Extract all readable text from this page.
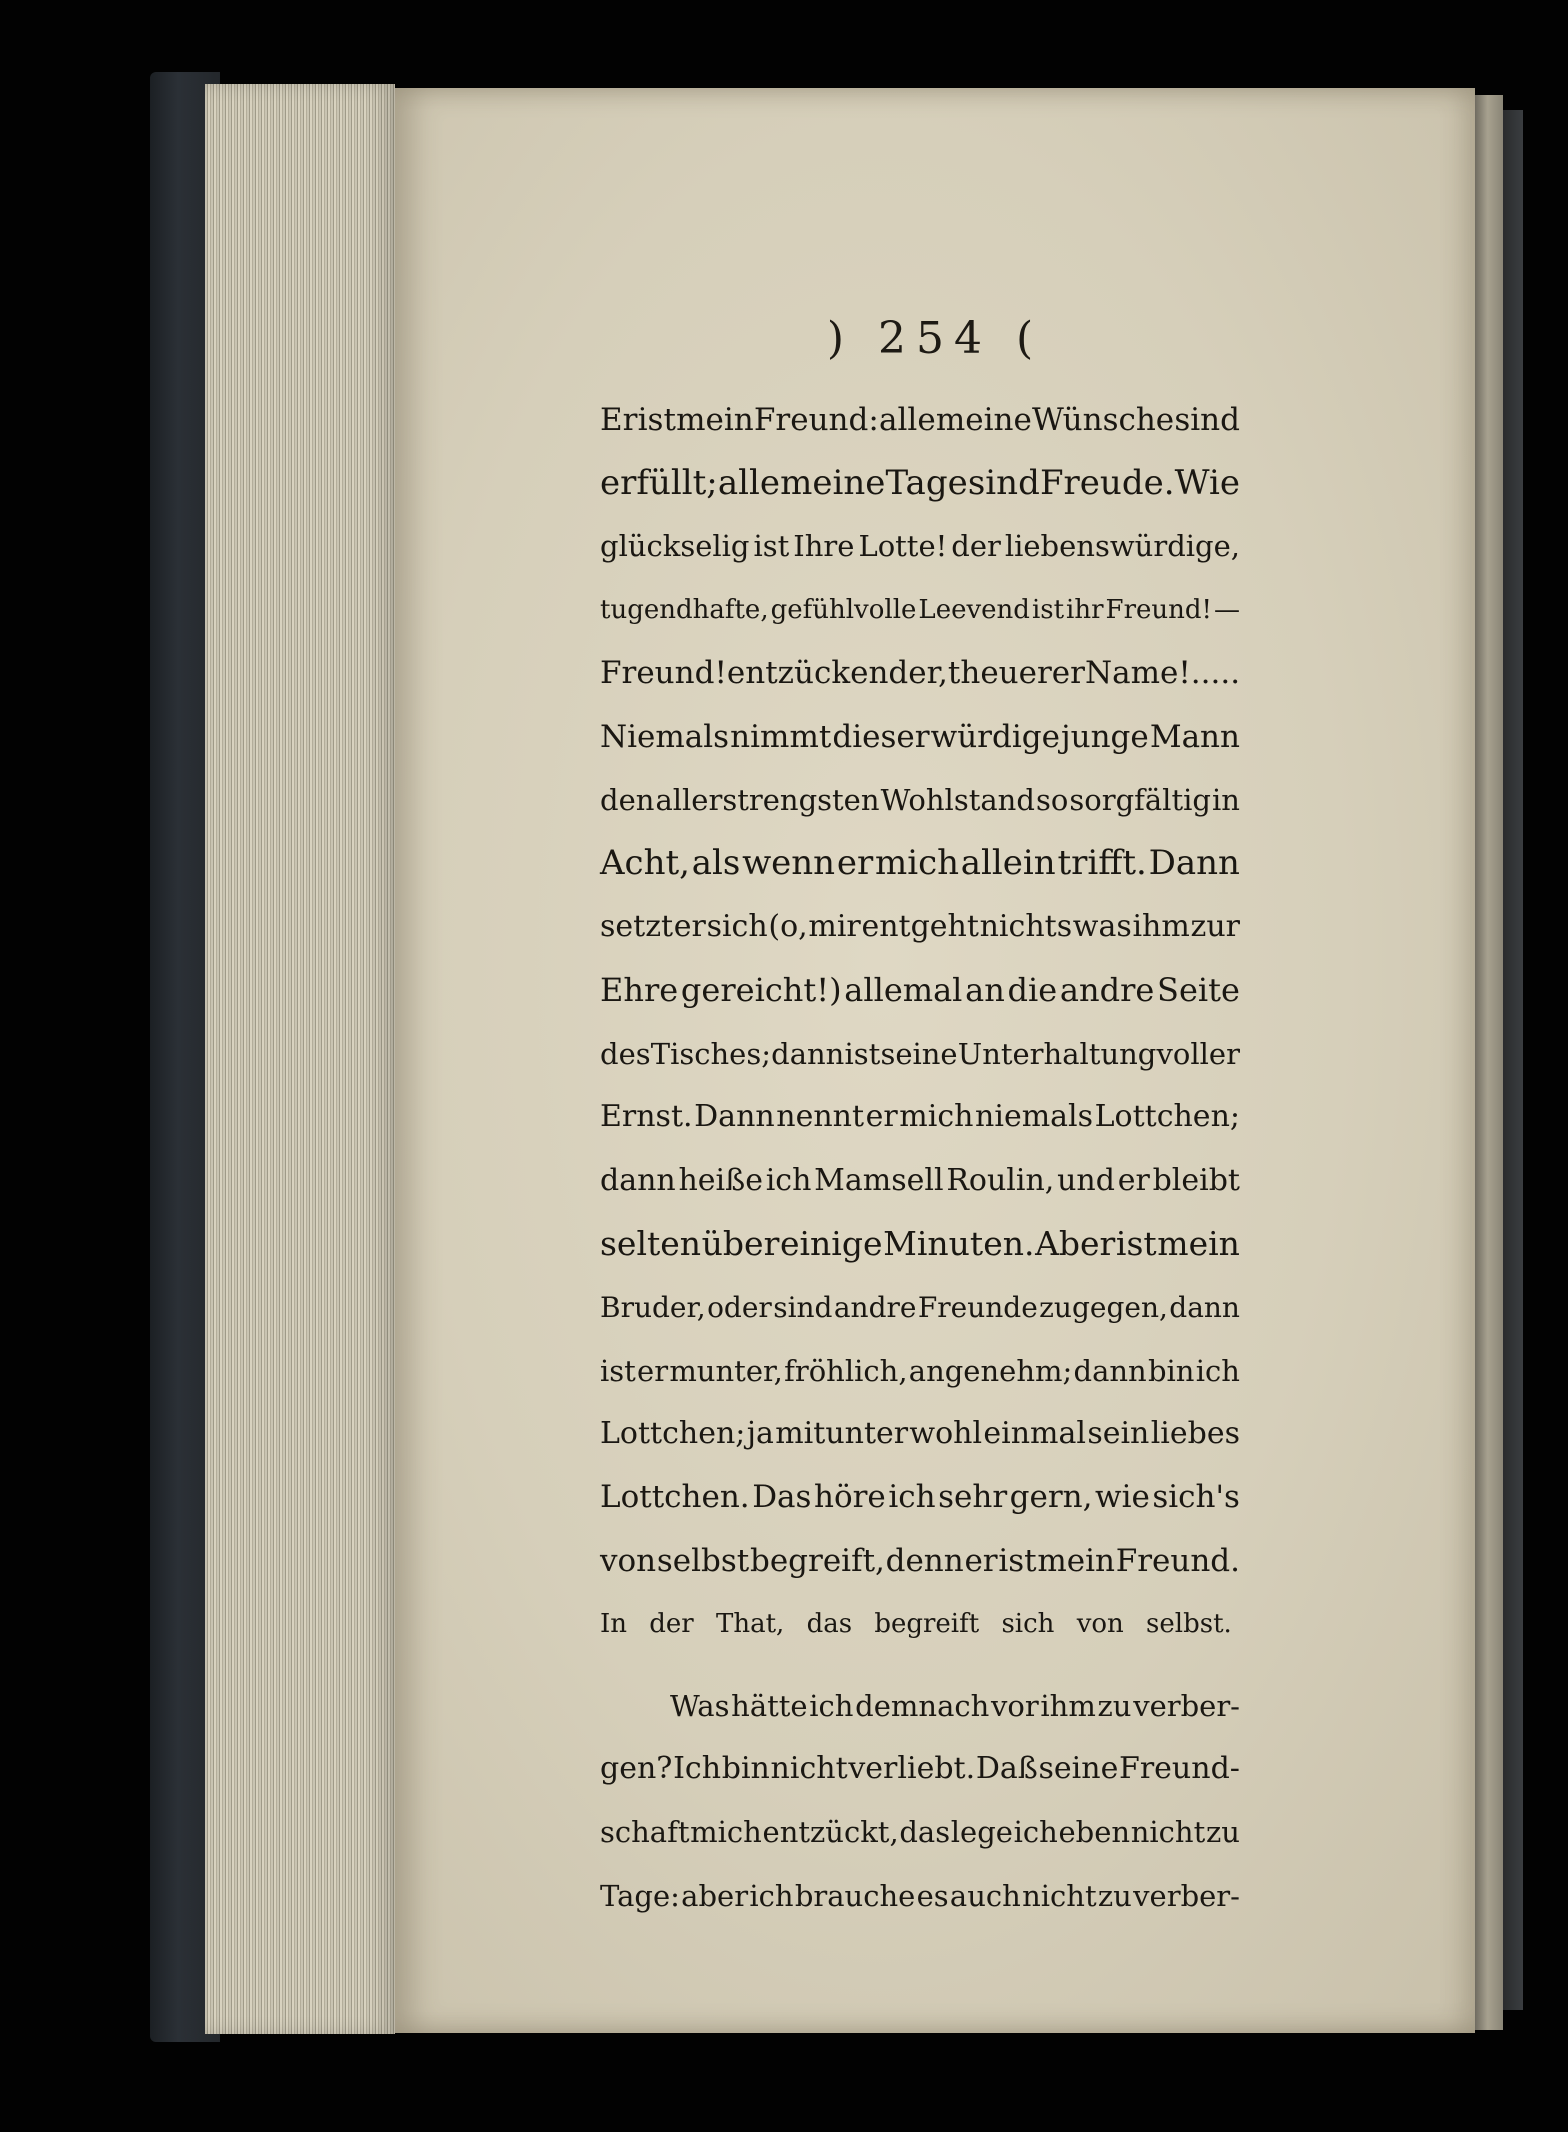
) 254 (
Er ist mein Freund: alle meine Wünsche sind
erfüllt; alle meine Tage sind Freude. Wie
glückselig ist Ihre Lotte! der liebenswürdige,
tugendhafte, gefühlvolle Leevend ist ihr Freund! —
Freund! entzückender, theuerer Name! . . . . .
Niemals nimmt dieser würdige junge Mann
den allerstrengsten Wohlstand so sorgfältig in
Acht, als wenn er mich allein trifft. Dann
setzt er sich (o, mir entgeht nichts was ihm zur
Ehre gereicht!) allemal an die andre Seite
des Tisches; dann ist seine Unterhaltung voller
Ernst. Dann nennt er mich niemals Lottchen;
dann heiße ich Mamsell Roulin, und er bleibt
selten über einige Minuten. Aber ist mein
Bruder, oder sind andre Freunde zugegen, dann
ist er munter, fröhlich, angenehm; dann bin ich
Lottchen; ja mitunter wohl einmal sein liebes
Lottchen. Das höre ich sehr gern, wie sich's
von selbst begreift, denn er ist mein Freund.
In der That, das begreift sich von selbst.
Was hätte ich demnach vor ihm zu verber-
gen? Ich bin nicht verliebt. Daß seine Freund-
schaft mich entzückt, das lege ich eben nicht zu
Tage: aber ich brauche es auch nicht zu verber-
